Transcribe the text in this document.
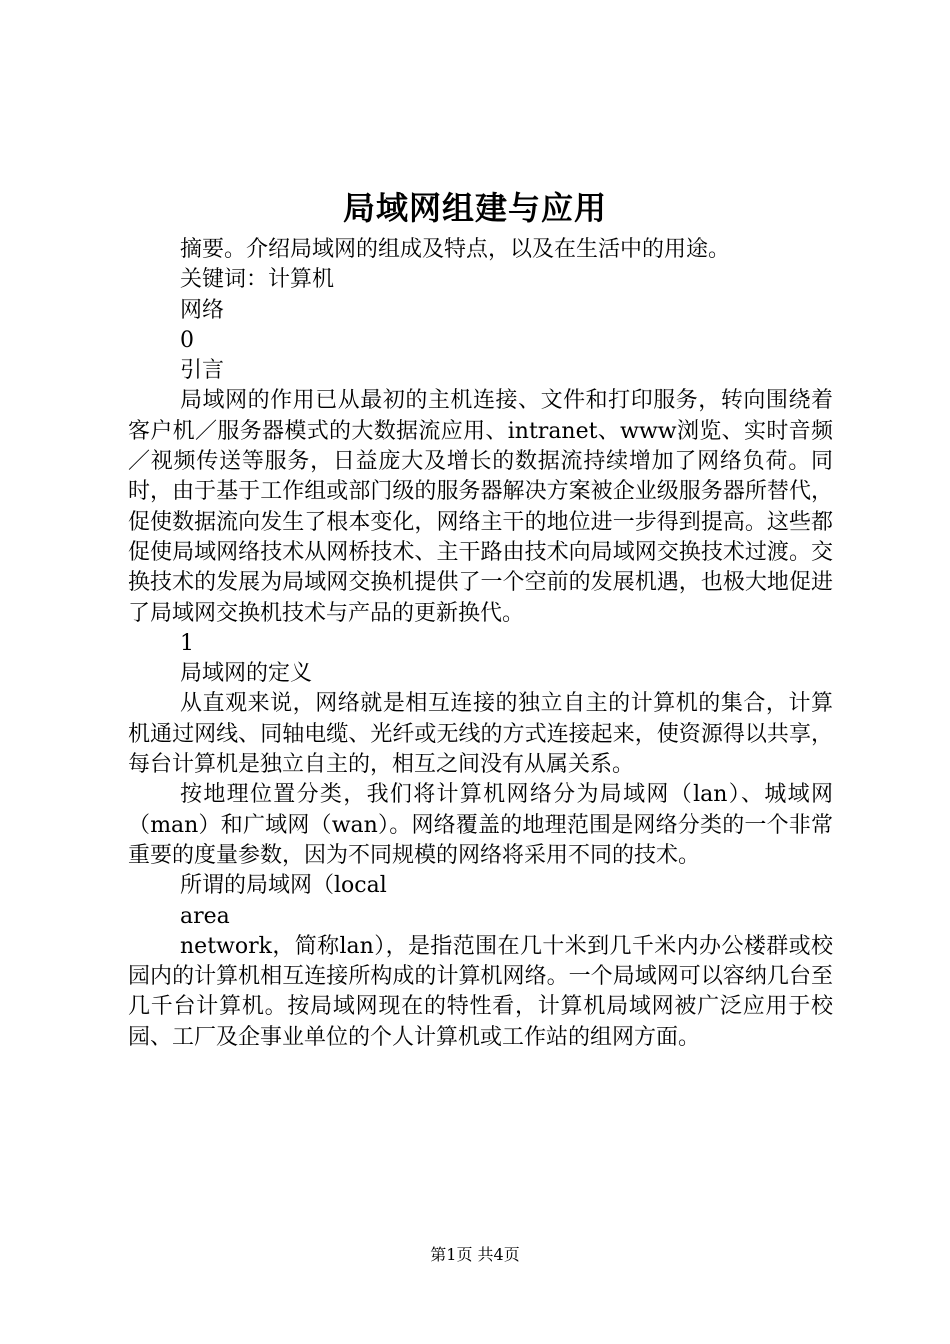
局域网组建与应用
摘要。介绍局域网的组成及特点，以及在生活中的用途。
关键词：计算机
网络
0
引言
局域网的作用已从最初的主机连接、文件和打印服务，转向围绕着客户机／服务器模式的大数据流应用、intranet、www浏览、实时音频／视频传送等服务，日益庞大及增长的数据流持续增加了网络负荷。同时，由于基于工作组或部门级的服务器解决方案被企业级服务器所替代，促使数据流向发生了根本变化，网络主干的地位进一步得到提高。这些都促使局域网络技术从网桥技术、主干路由技术向局域网交换技术过渡。交换技术的发展为局域网交换机提供了一个空前的发展机遇，也极大地促进了局域网交换机技术与产品的更新换代。
1
局域网的定义
从直观来说，网络就是相互连接的独立自主的计算机的集合，计算机通过网线、同轴电缆、光纤或无线的方式连接起来，使资源得以共享，每台计算机是独立自主的，相互之间没有从属关系。
按地理位置分类，我们将计算机网络分为局域网（lan）、城域网（man）和广域网（wan）。网络覆盖的地理范围是网络分类的一个非常重要的度量参数，因为不同规模的网络将采用不同的技术。
所谓的局域网（local
area
network，简称lan），是指范围在几十米到几千米内办公楼群或校园内的计算机相互连接所构成的计算机网络。一个局域网可以容纳几台至几千台计算机。按局域网现在的特性看，计算机局域网被广泛应用于校园、工厂及企事业单位的个人计算机或工作站的组网方面。
第1页 共4页
